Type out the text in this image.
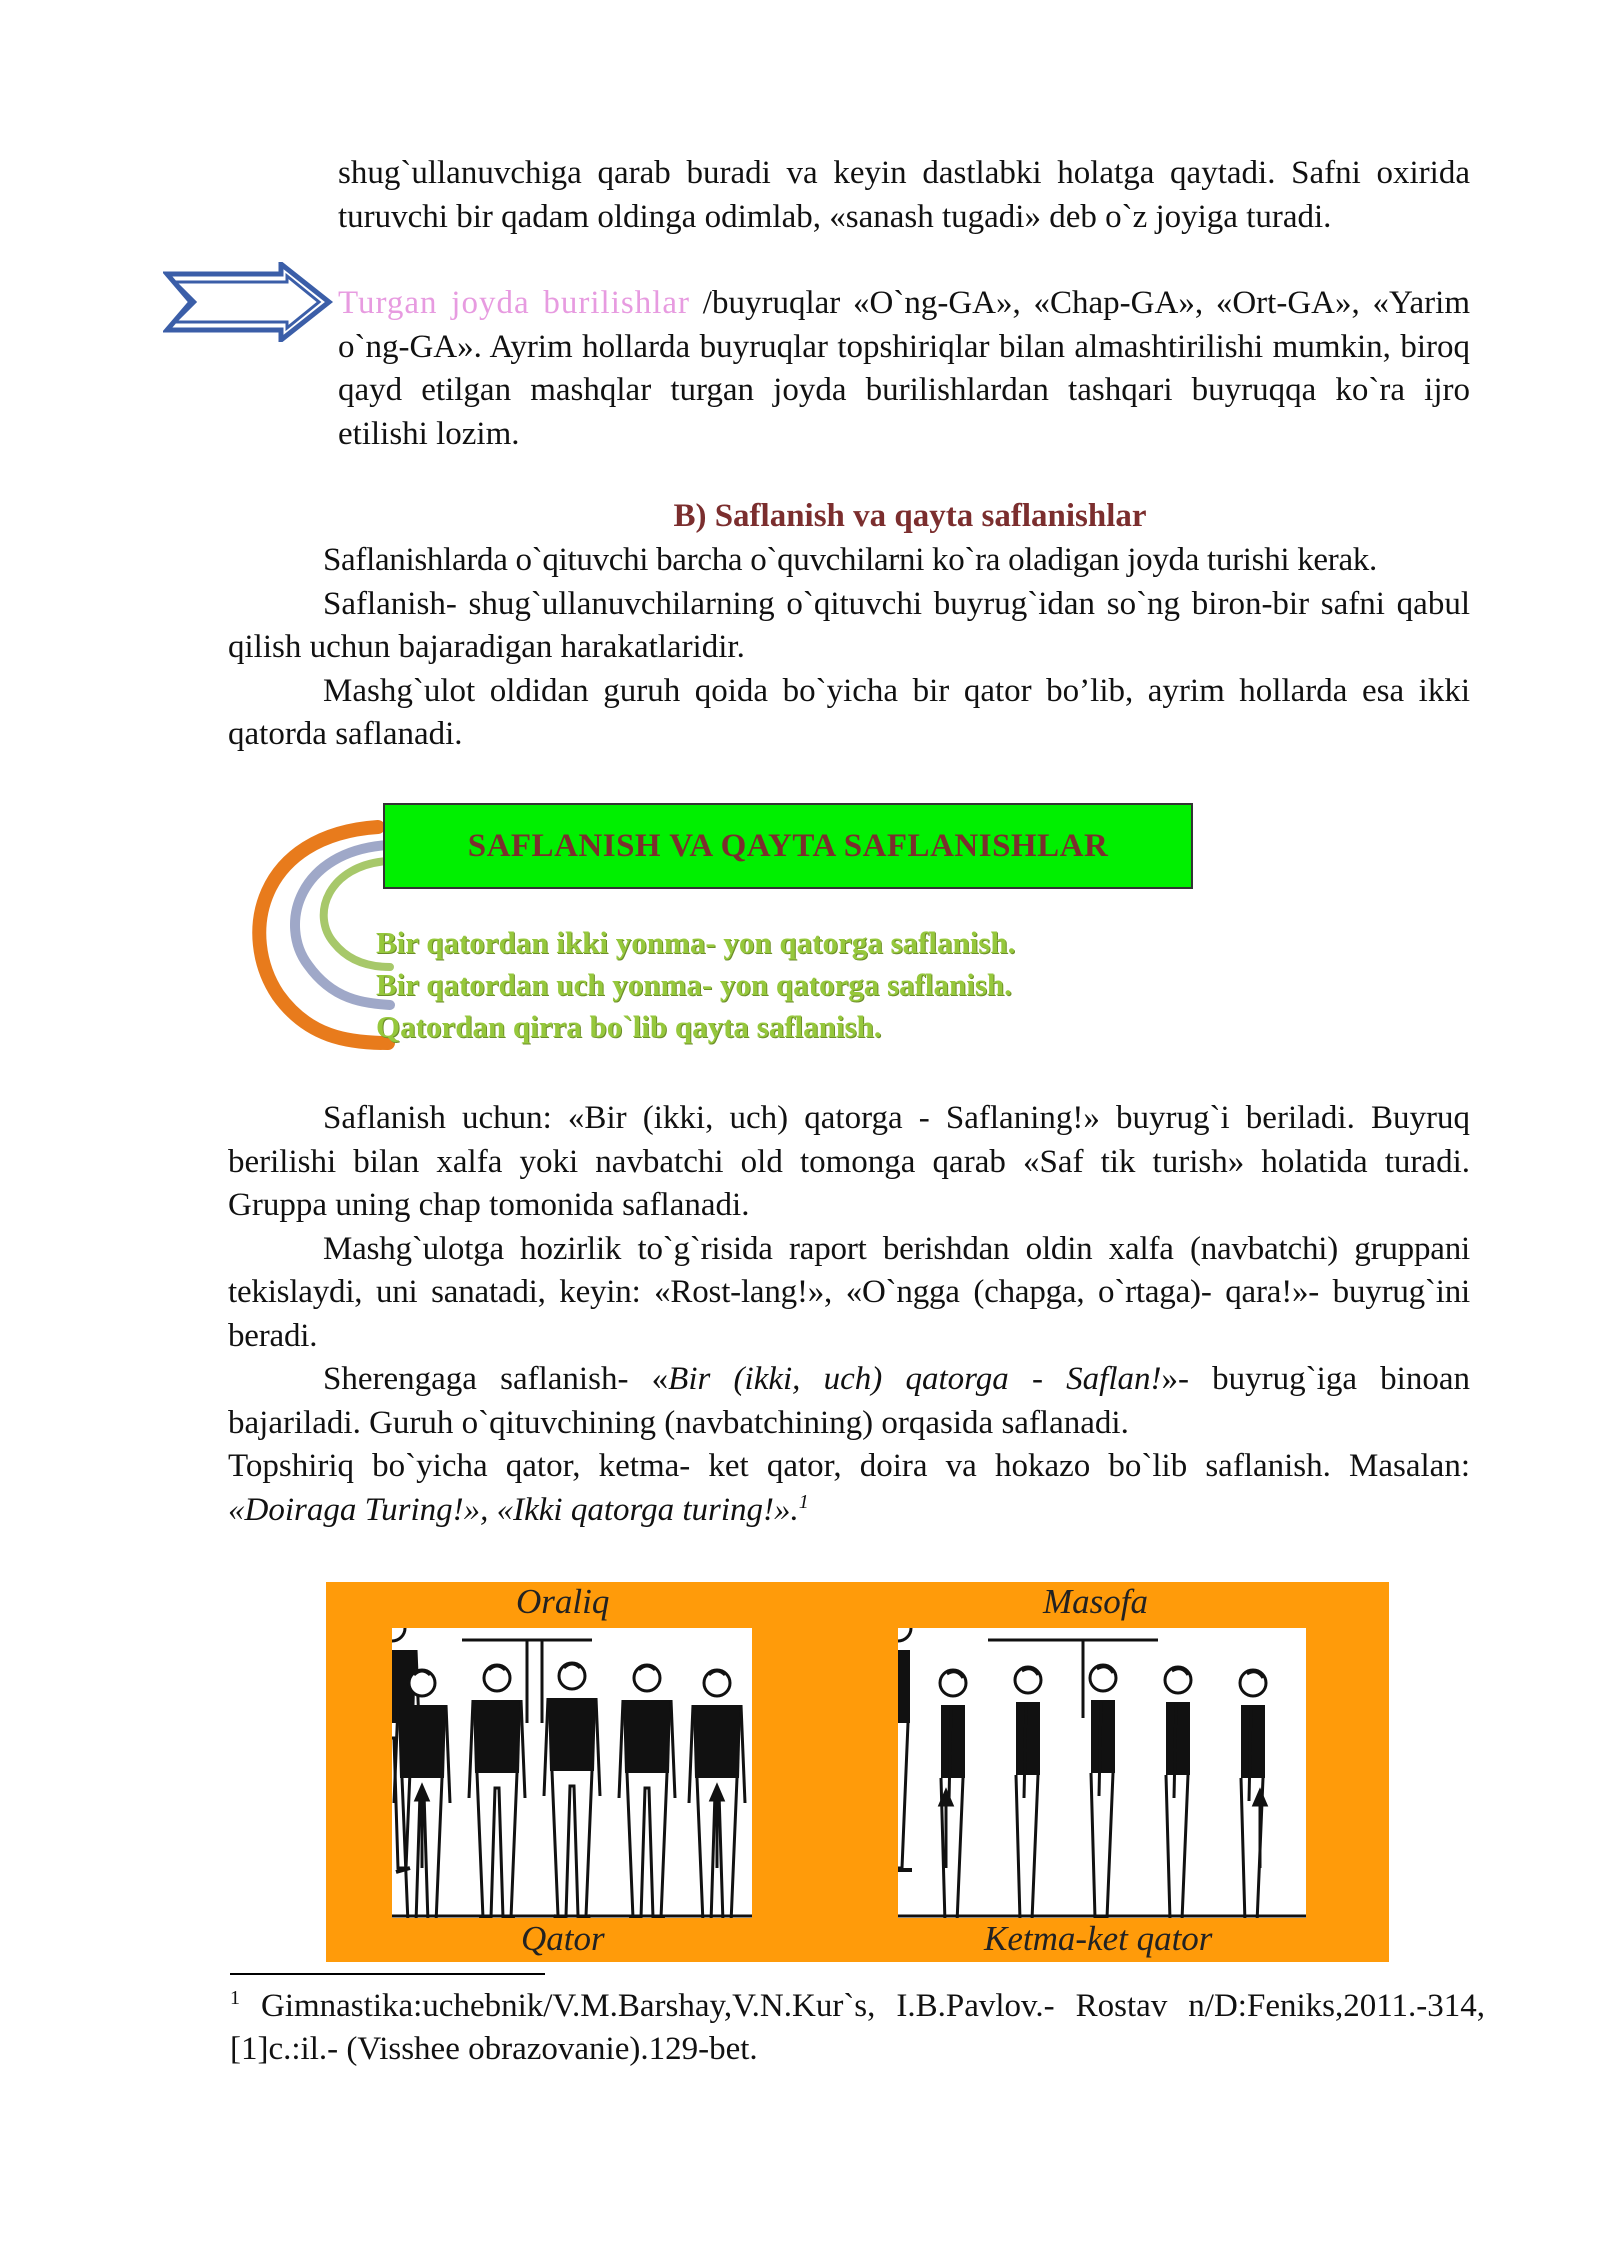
shug`ullanuvchiga qarab buradi va keyin dastlabki holatga qaytadi. Safni oxirida turuvchi bir qadam oldinga odimlab, «sanash tugadi» deb o`z joyiga turadi.

Turgan joyda burilishlar /buyruqlar «O`ng-GA», «Chap-GA», «Ort-GA», «Yarim o`ng-GA». Ayrim hollarda buyruqlar topshiriqlar bilan almashtirilishi mumkin, biroq qayd etilgan mashqlar turgan joyda burilishlardan tashqari buyruqqa ko`ra ijro etilishi lozim.

B) Saflanish va qayta saflanishlar

Saflanishlarda o`qituvchi barcha o`quvchilarni ko`ra oladigan joyda turishi kerak.

Saflanish- shug`ullanuvchilarning o`qituvchi buyrug`idan so`ng biron-bir safni qabul qilish uchun bajaradigan harakatlaridir.

Mashg`ulot oldidan guruh qoida bo`yicha bir qator bo’lib, ayrim hollarda esa ikki qatorda saflanadi.

SAFLANISH VA QAYTA SAFLANISHLAR
Bir qatordan ikki yonma- yon qatorga saflanish.
Bir qatordan uch yonma- yon qatorga saflanish.
Qatordan qirra bo`lib qayta saflanish.

Saflanish uchun: «Bir (ikki, uch) qatorga - Saflaning!» buyrug`i beriladi. Buyruq berilishi bilan xalfa yoki navbatchi old tomonga qarab «Saf tik turish» holatida turadi. Gruppa uning chap tomonida saflanadi.

Mashg`ulotga hozirlik to`g`risida raport berishdan oldin xalfa (navbatchi) gruppani tekislaydi, uni sanatadi, keyin: «Rost-lang!», «O`ngga (chapga, o`rtaga)- qara!»- buyrug`ini beradi.

Sherengaga saflanish- «Bir (ikki, uch) qatorga - Saflan!»- buyrug`iga binoan bajariladi. Guruh o`qituvchining (navbatchining) orqasida saflanadi.

Topshiriq bo`yicha qator, ketma- ket qator, doira va hokazo bo`lib saflanish. Masalan: «Doiraga Turing!», «Ikki qatorga turing!».$^1$

Oraliq	Masofa
Qator	Ketma-ket qator
$^1$ Gimnastika:uchebnik/V.M.Barshay,V.N.Kur`s, I.B.Pavlov.- Rostav n/D:Feniks,2011.-314,[1]c.:il.- (Visshee obrazovanie).129-bet.
